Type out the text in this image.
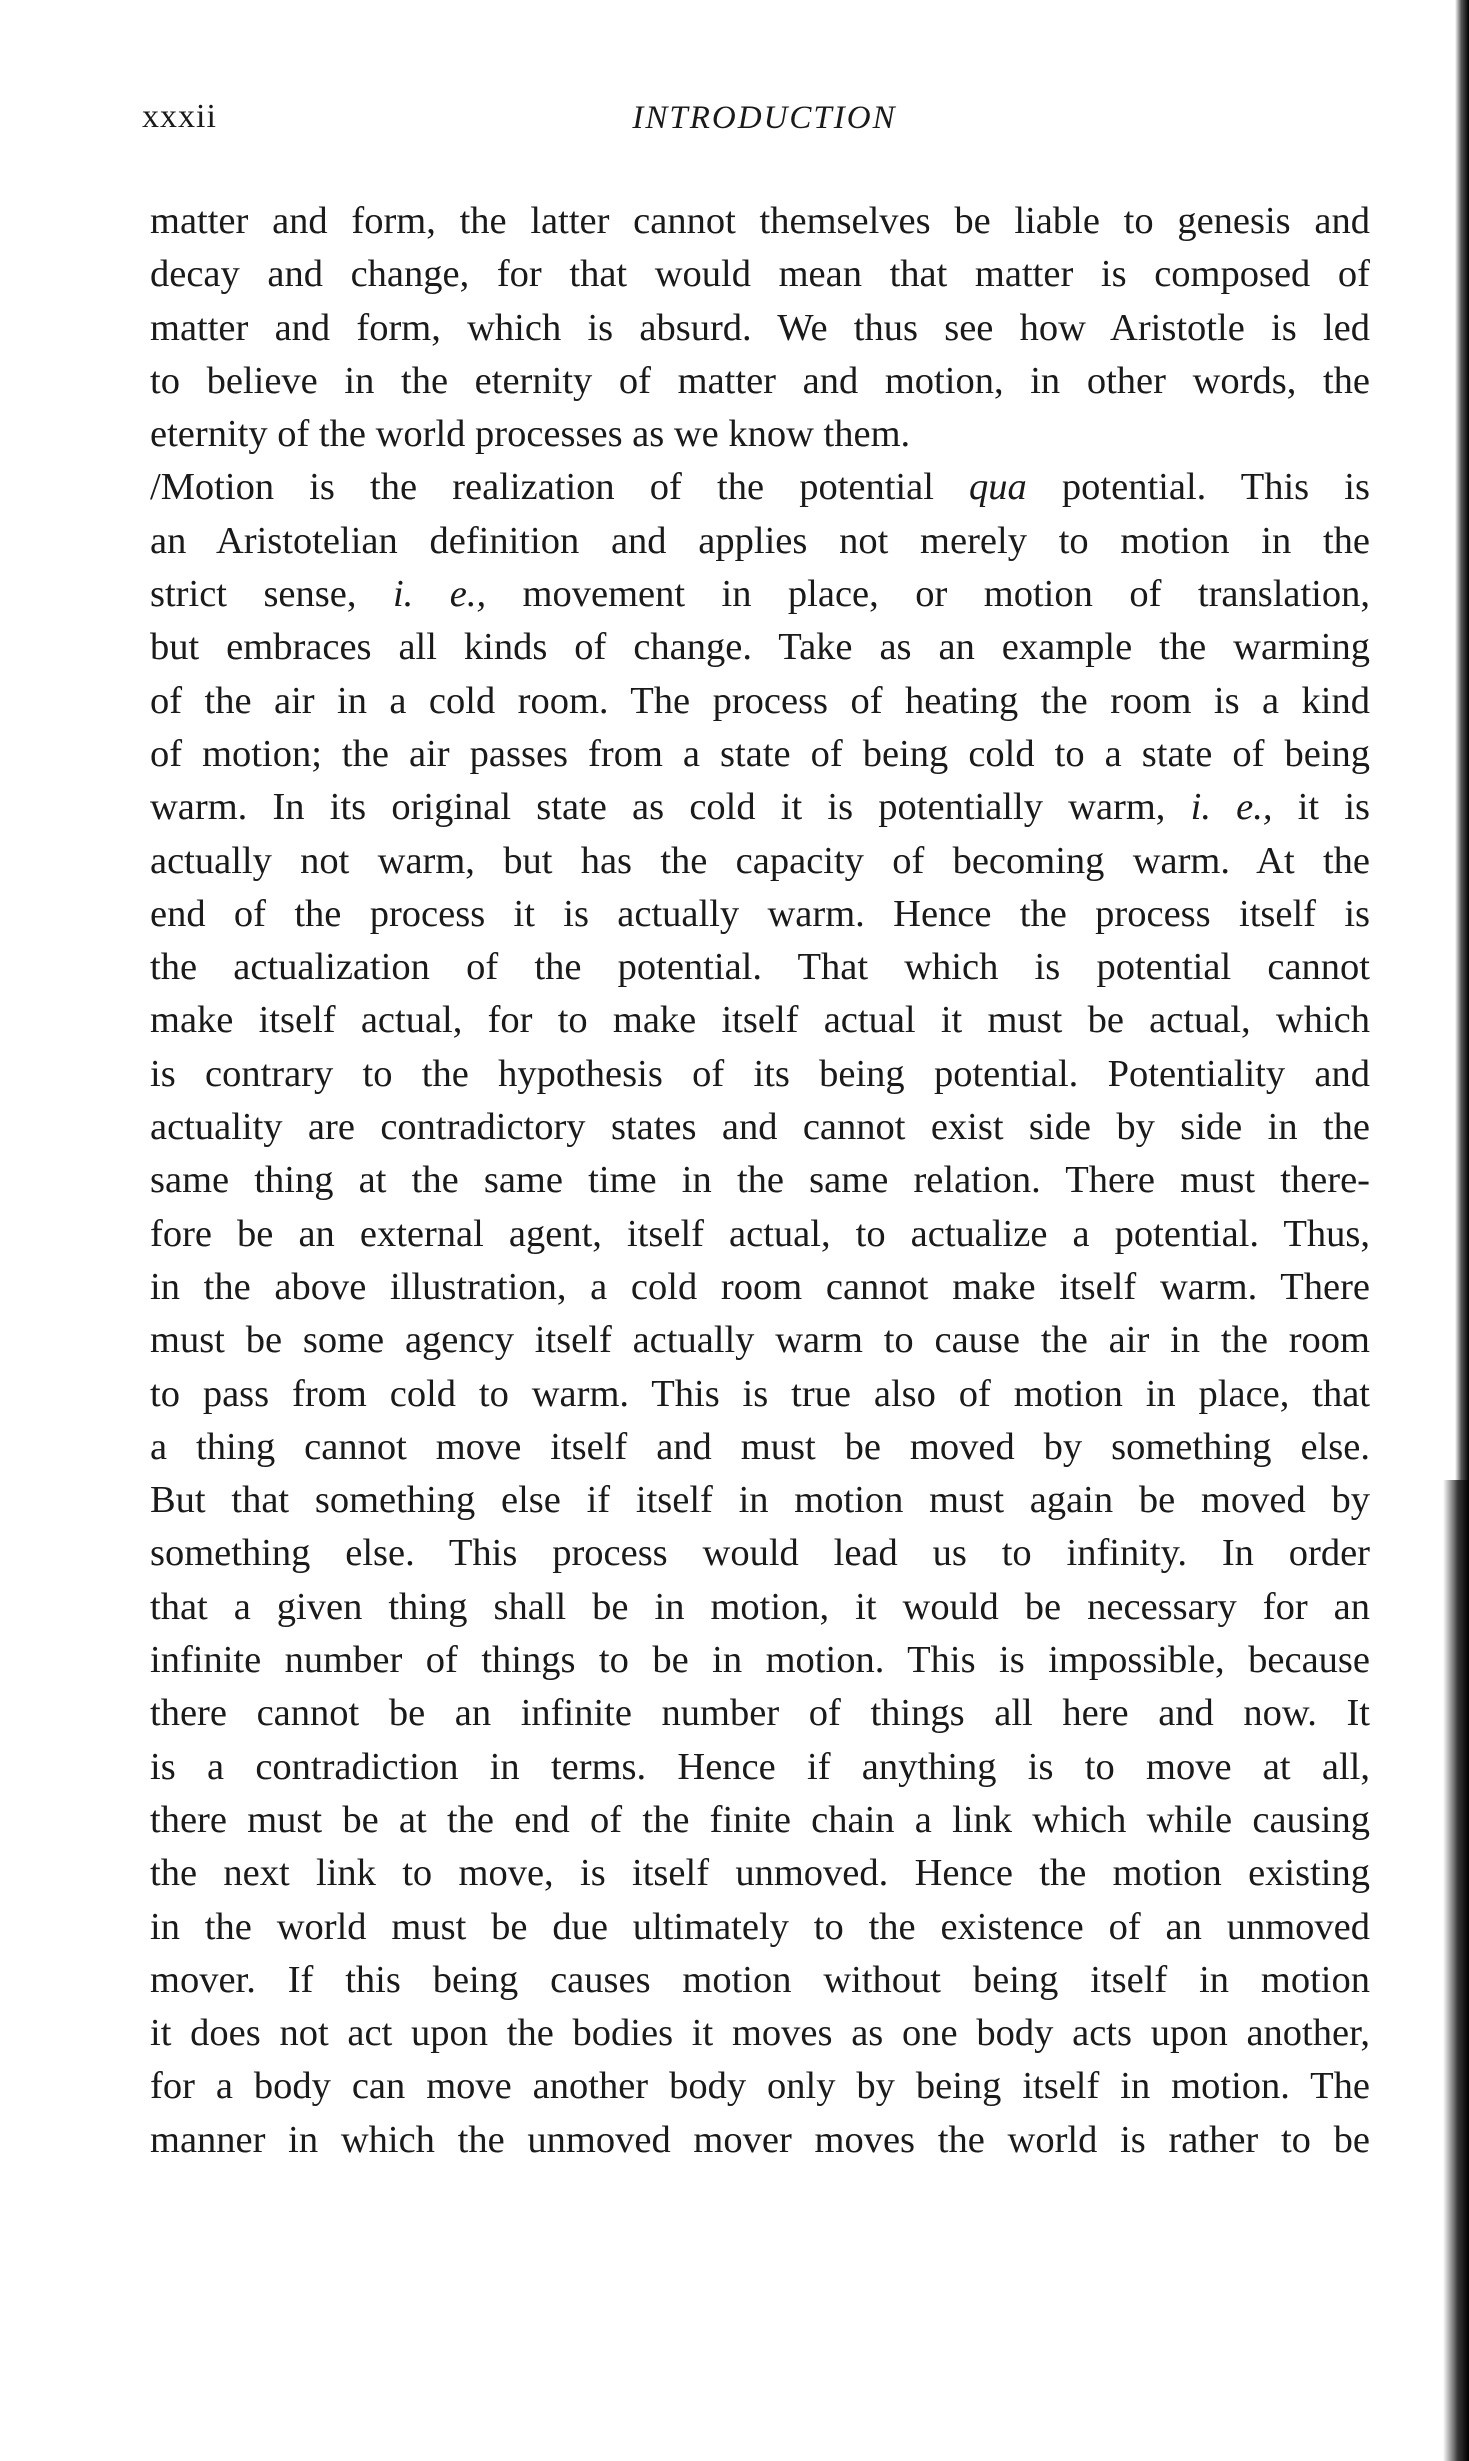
xxxii	INTRODUCTION
matter and form, the latter cannot themselves be liable to genesis and
decay and change, for that would mean that matter is composed of
matter and form, which is absurd. We thus see how Aristotle is led
to believe in the eternity of matter and motion, in other words, the
eternity of the world processes as we know them.
/Motion is the realization of the potential qua potential. This is
an Aristotelian definition and applies not merely to motion in the
strict sense, i. e., movement in place, or motion of translation,
but embraces all kinds of change. Take as an example the warming
of the air in a cold room. The process of heating the room is a kind
of motion; the air passes from a state of being cold to a state of being
warm. In its original state as cold it is potentially warm, i. e., it is
actually not warm, but has the capacity of becoming warm. At the
end of the process it is actually warm. Hence the process itself is
the actualization of the potential. That which is potential cannot
make itself actual, for to make itself actual it must be actual, which
is contrary to the hypothesis of its being potential. Potentiality and
actuality are contradictory states and cannot exist side by side in the
same thing at the same time in the same relation. There must there-
fore be an external agent, itself actual, to actualize a potential. Thus,
in the above illustration, a cold room cannot make itself warm. There
must be some agency itself actually warm to cause the air in the room
to pass from cold to warm. This is true also of motion in place, that
a thing cannot move itself and must be moved by something else.
But that something else if itself in motion must again be moved by
something else. This process would lead us to infinity. In order
that a given thing shall be in motion, it would be necessary for an
infinite number of things to be in motion. This is impossible, because
there cannot be an infinite number of things all here and now. It
is a contradiction in terms. Hence if anything is to move at all,
there must be at the end of the finite chain a link which while causing
the next link to move, is itself unmoved. Hence the motion existing
in the world must be due ultimately to the existence of an unmoved
mover. If this being causes motion without being itself in motion
it does not act upon the bodies it moves as one body acts upon another,
for a body can move another body only by being itself in motion. The
manner in which the unmoved mover moves the world is rather to be
